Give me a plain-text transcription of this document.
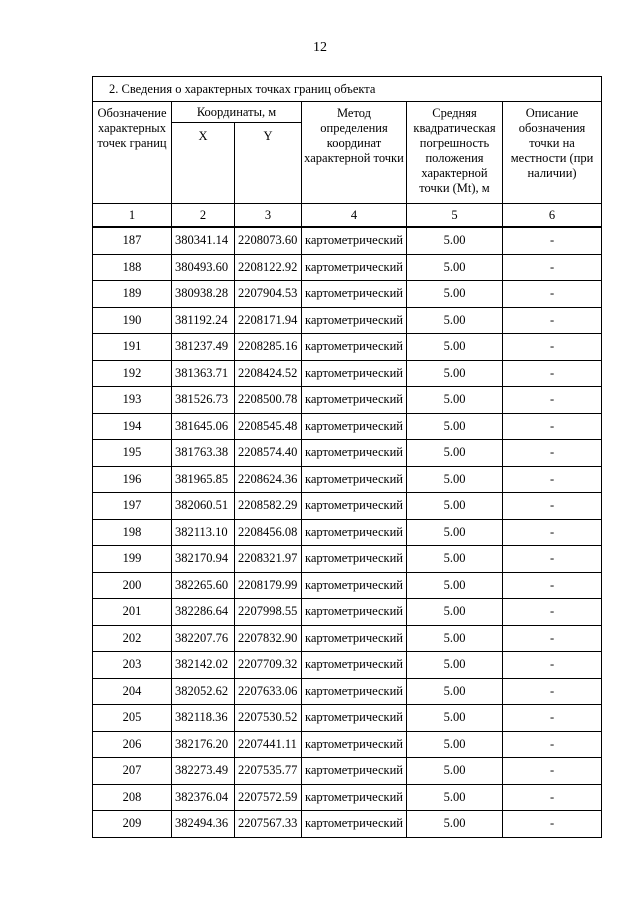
12
2. Сведения о характерных точках границ объекта					
Обозначение характерных точек границ	Координаты, м		Метод определения координат характерной точки	Средняя квадратическая погрешность положения характерной точки (Mt), м	Описание обозначения точки на местности (при наличии)
	X	Y			
1	2	3	4	5	6
187	380341.14	2208073.60	картометрический	5.00	-
188	380493.60	2208122.92	картометрический	5.00	-
189	380938.28	2207904.53	картометрический	5.00	-
190	381192.24	2208171.94	картометрический	5.00	-
191	381237.49	2208285.16	картометрический	5.00	-
192	381363.71	2208424.52	картометрический	5.00	-
193	381526.73	2208500.78	картометрический	5.00	-
194	381645.06	2208545.48	картометрический	5.00	-
195	381763.38	2208574.40	картометрический	5.00	-
196	381965.85	2208624.36	картометрический	5.00	-
197	382060.51	2208582.29	картометрический	5.00	-
198	382113.10	2208456.08	картометрический	5.00	-
199	382170.94	2208321.97	картометрический	5.00	-
200	382265.60	2208179.99	картометрический	5.00	-
201	382286.64	2207998.55	картометрический	5.00	-
202	382207.76	2207832.90	картометрический	5.00	-
203	382142.02	2207709.32	картометрический	5.00	-
204	382052.62	2207633.06	картометрический	5.00	-
205	382118.36	2207530.52	картометрический	5.00	-
206	382176.20	2207441.11	картометрический	5.00	-
207	382273.49	2207535.77	картометрический	5.00	-
208	382376.04	2207572.59	картометрический	5.00	-
209	382494.36	2207567.33	картометрический	5.00	-
